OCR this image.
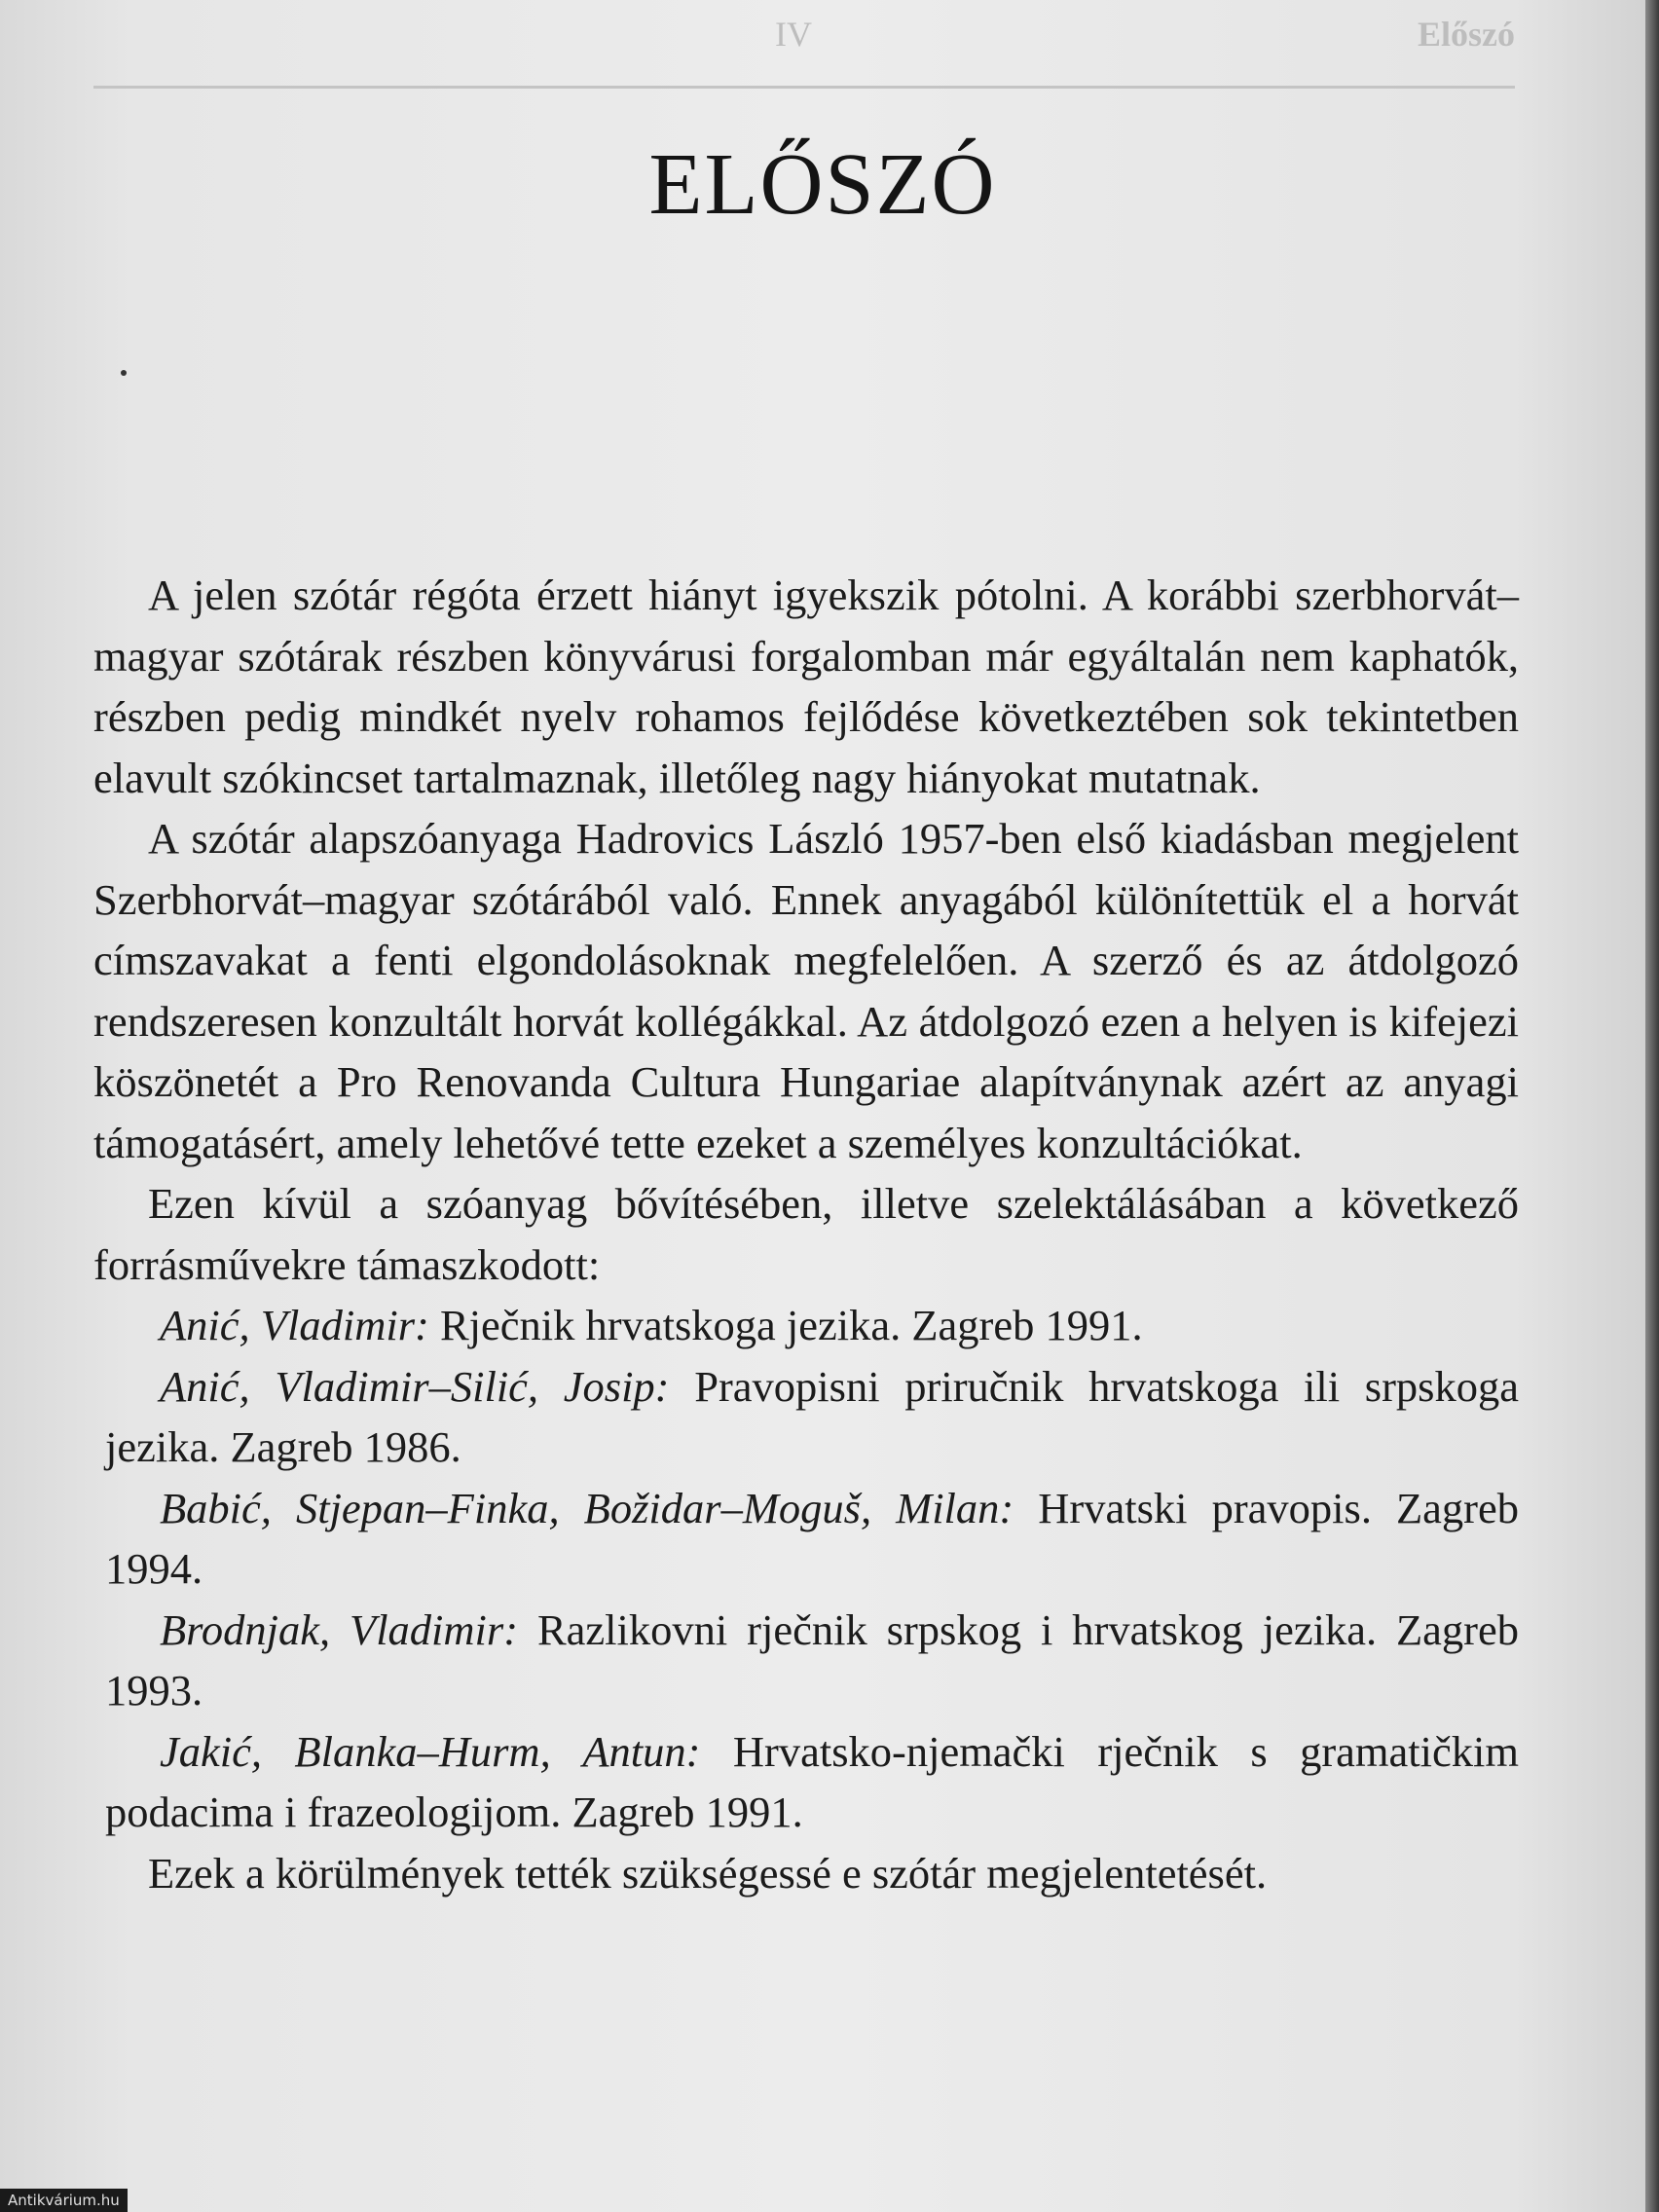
IV	Előszó
ELŐSZÓ

A jelen szótár régóta érzett hiányt igyekszik pótolni. A korábbi szerbhorvát–magyar szótárak részben könyvárusi forgalomban már egyáltalán nem kaphatók, részben pedig mindkét nyelv rohamos fejlődése következtében sok tekintetben elavult szókincset tartalmaznak, illetőleg nagy hiányokat mutatnak.

A szótár alapszóanyaga Hadrovics László 1957-ben első kiadásban megjelent Szerbhorvát–magyar szótárából való. Ennek anyagából különítettük el a horvát címszavakat a fenti elgondolásoknak megfelelően. A szerző és az átdolgozó rendszeresen konzultált horvát kollégákkal. Az átdolgozó ezen a helyen is kifejezi köszönetét a Pro Renovanda Cultura Hungariae alapítványnak azért az anyagi támogatásért, amely lehetővé tette ezeket a személyes konzultációkat.

Ezen kívül a szóanyag bővítésében, illetve szelektálásában a következő forrásművekre támaszkodott:

Anić, Vladimir: Rječnik hrvatskoga jezika. Zagreb 1991.

Anić, Vladimir–Silić, Josip: Pravopisni priručnik hrvatskoga ili srpskoga jezika. Zagreb 1986.

Babić, Stjepan–Finka, Božidar–Moguš, Milan: Hrvatski pravopis. Zagreb 1994.

Brodnjak, Vladimir: Razlikovni rječnik srpskog i hrvatskog jezika. Zagreb 1993.

Jakić, Blanka–Hurm, Antun: Hrvatsko-njemački rječnik s gramatičkim podacima i frazeologijom. Zagreb 1991.

Ezek a körülmények tették szükségessé e szótár megjelentetését.

Antikvárium.hu
